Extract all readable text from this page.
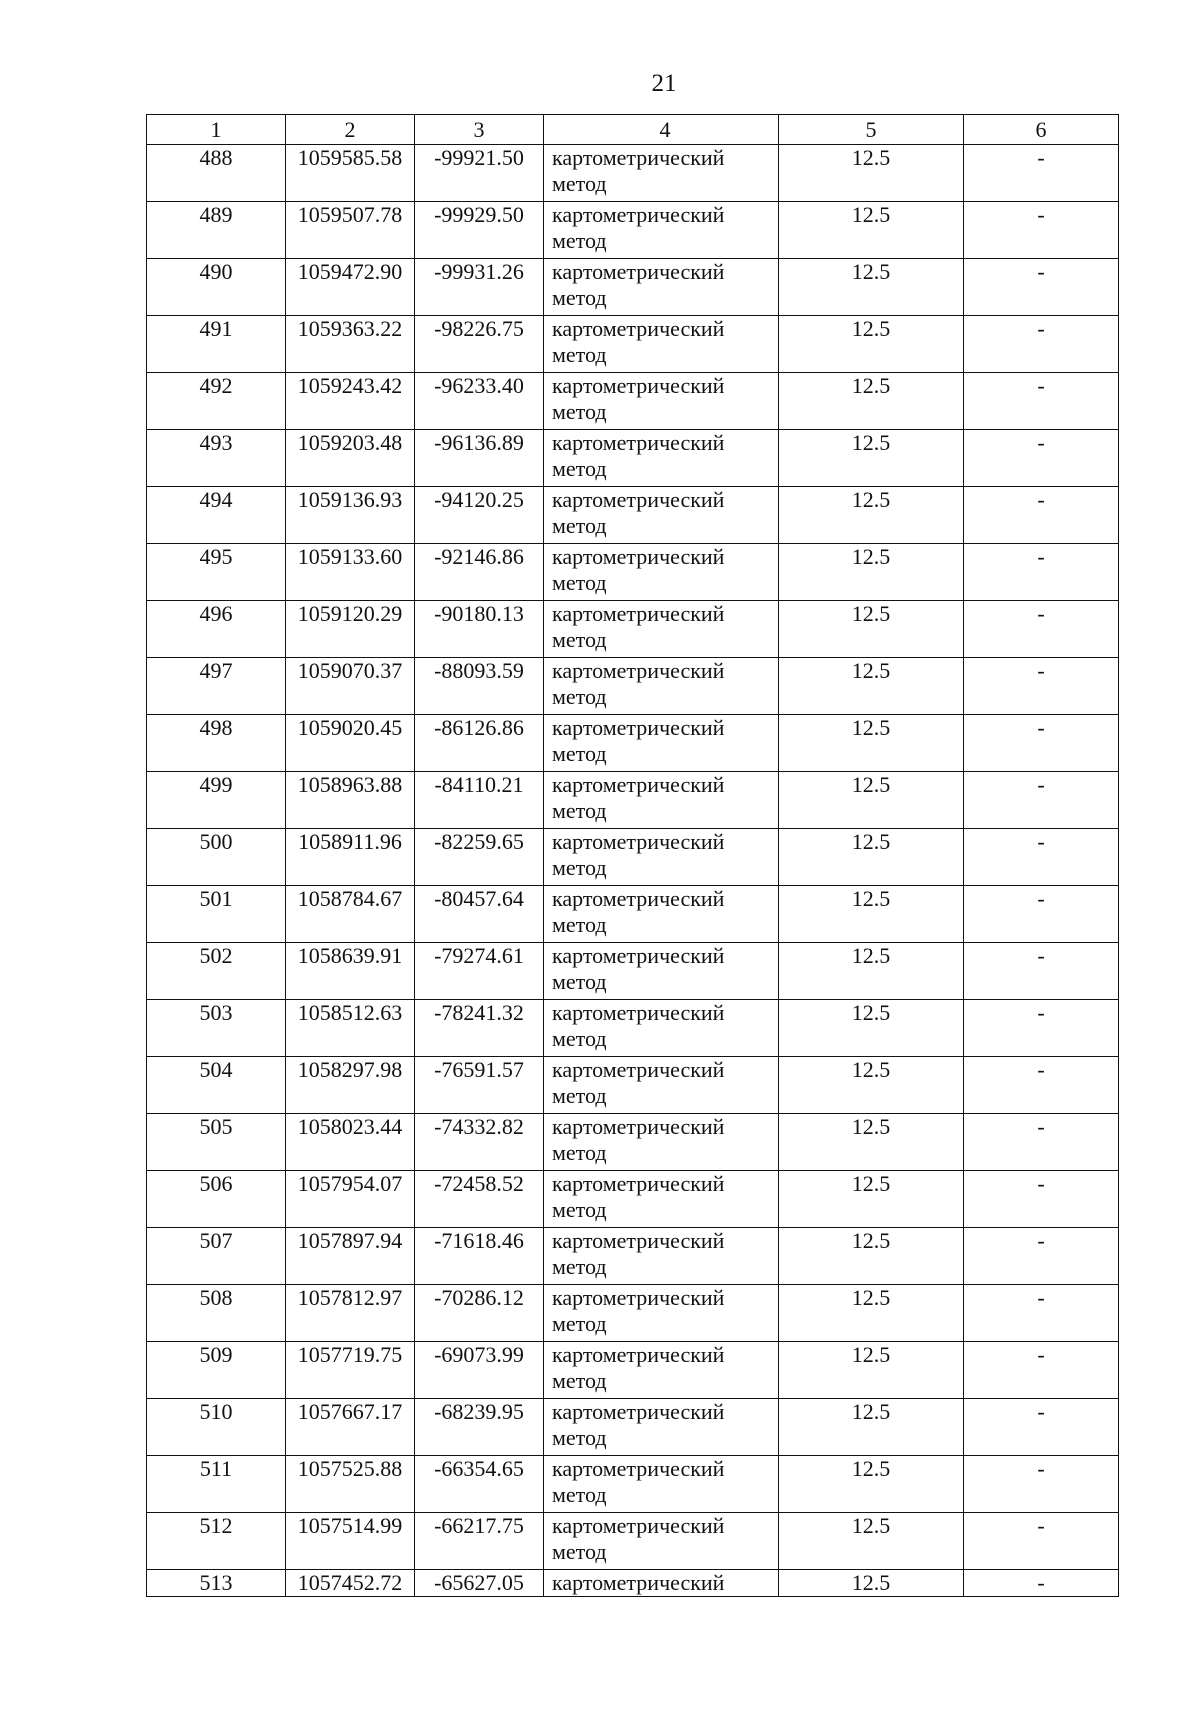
21
1	2	3	4	5	6
488	1059585.58	-99921.50	картометрический метод	12.5	-
489	1059507.78	-99929.50	картометрический метод	12.5	-
490	1059472.90	-99931.26	картометрический метод	12.5	-
491	1059363.22	-98226.75	картометрический метод	12.5	-
492	1059243.42	-96233.40	картометрический метод	12.5	-
493	1059203.48	-96136.89	картометрический метод	12.5	-
494	1059136.93	-94120.25	картометрический метод	12.5	-
495	1059133.60	-92146.86	картометрический метод	12.5	-
496	1059120.29	-90180.13	картометрический метод	12.5	-
497	1059070.37	-88093.59	картометрический метод	12.5	-
498	1059020.45	-86126.86	картометрический метод	12.5	-
499	1058963.88	-84110.21	картометрический метод	12.5	-
500	1058911.96	-82259.65	картометрический метод	12.5	-
501	1058784.67	-80457.64	картометрический метод	12.5	-
502	1058639.91	-79274.61	картометрический метод	12.5	-
503	1058512.63	-78241.32	картометрический метод	12.5	-
504	1058297.98	-76591.57	картометрический метод	12.5	-
505	1058023.44	-74332.82	картометрический метод	12.5	-
506	1057954.07	-72458.52	картометрический метод	12.5	-
507	1057897.94	-71618.46	картометрический метод	12.5	-
508	1057812.97	-70286.12	картометрический метод	12.5	-
509	1057719.75	-69073.99	картометрический метод	12.5	-
510	1057667.17	-68239.95	картометрический метод	12.5	-
511	1057525.88	-66354.65	картометрический метод	12.5	-
512	1057514.99	-66217.75	картометрический метод	12.5	-
513	1057452.72	-65627.05	картометрический	12.5	-
